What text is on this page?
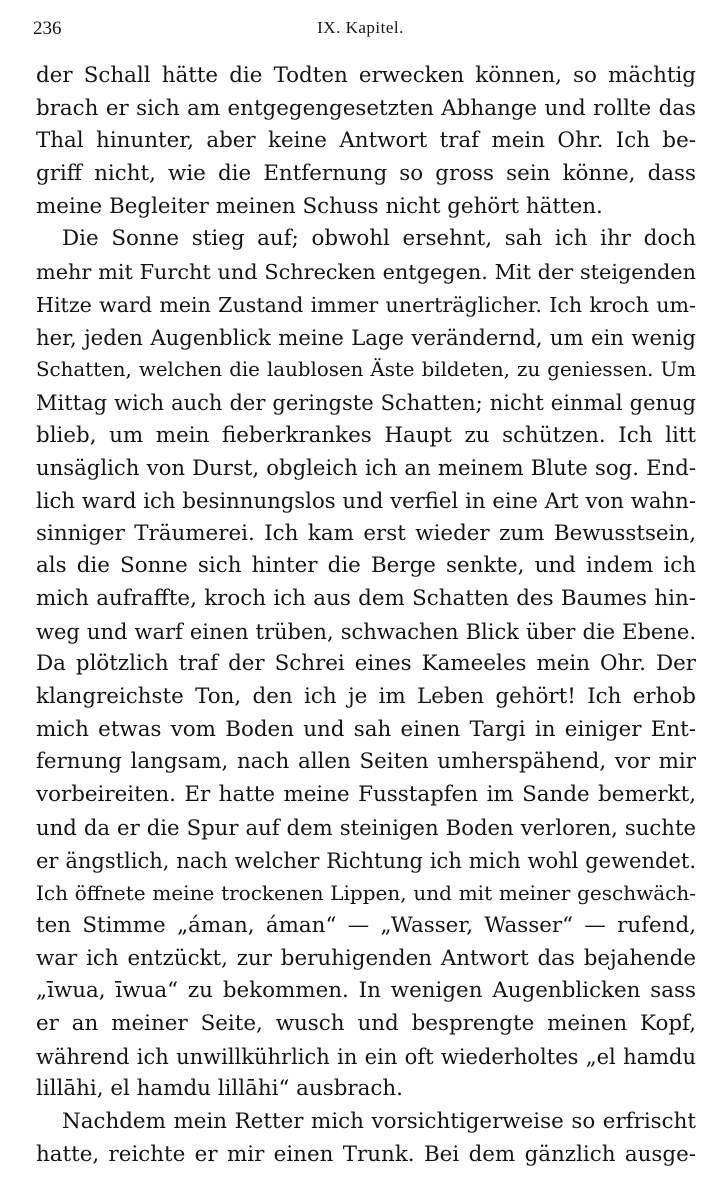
236	IX. Kapitel.
der Schall hätte die Todten erwecken können, so mächtig
brach er sich am entgegengesetzten Abhange und rollte das
Thal hinunter, aber keine Antwort traf mein Ohr. Ich be-
griff nicht, wie die Entfernung so gross sein könne, dass
meine Begleiter meinen Schuss nicht gehört hätten.
Die Sonne stieg auf; obwohl ersehnt, sah ich ihr doch
mehr mit Furcht und Schrecken entgegen. Mit der steigenden
Hitze ward mein Zustand immer unerträglicher. Ich kroch um-
her, jeden Augenblick meine Lage verändernd, um ein wenig
Schatten, welchen die laublosen Äste bildeten, zu geniessen. Um
Mittag wich auch der geringste Schatten; nicht einmal genug
blieb, um mein fieberkrankes Haupt zu schützen. Ich litt
unsäglich von Durst, obgleich ich an meinem Blute sog. End-
lich ward ich besinnungslos und verfiel in eine Art von wahn-
sinniger Träumerei. Ich kam erst wieder zum Bewusstsein,
als die Sonne sich hinter die Berge senkte, und indem ich
mich aufraffte, kroch ich aus dem Schatten des Baumes hin-
weg und warf einen trüben, schwachen Blick über die Ebene.
Da plötzlich traf der Schrei eines Kameeles mein Ohr. Der
klangreichste Ton, den ich je im Leben gehört! Ich erhob
mich etwas vom Boden und sah einen Targi in einiger Ent-
fernung langsam, nach allen Seiten umherspähend, vor mir
vorbeireiten. Er hatte meine Fusstapfen im Sande bemerkt,
und da er die Spur auf dem steinigen Boden verloren, suchte
er ängstlich, nach welcher Richtung ich mich wohl gewendet.
Ich öffnete meine trockenen Lippen, und mit meiner geschwäch-
ten Stimme „áman, áman“ — „Wasser, Wasser“ — rufend,
war ich entzückt, zur beruhigenden Antwort das bejahende
„īwua, īwua“ zu bekommen. In wenigen Augenblicken sass
er an meiner Seite, wusch und besprengte meinen Kopf,
während ich unwillkührlich in ein oft wiederholtes „el hamdu
lillāhi, el hamdu lillāhi“ ausbrach.
Nachdem mein Retter mich vorsichtigerweise so erfrischt
hatte, reichte er mir einen Trunk. Bei dem gänzlich ausge-
